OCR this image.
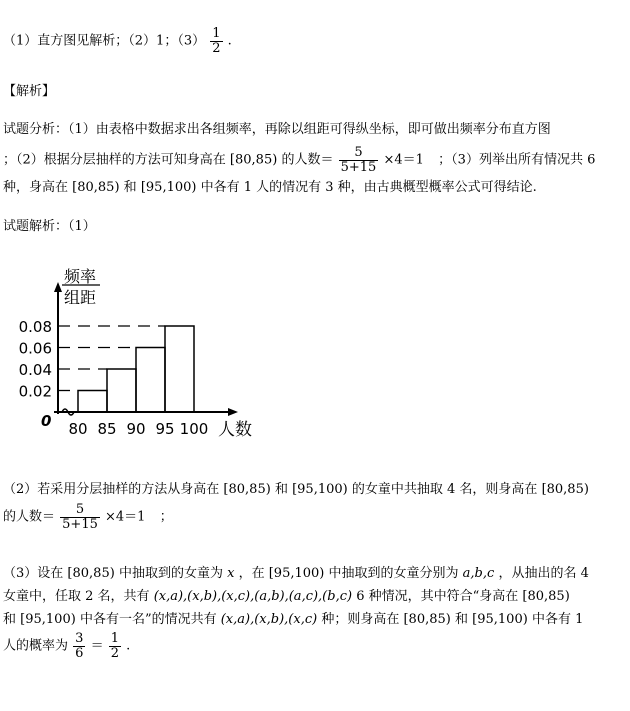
（1）直方图见解析；（2）1；$(3) \frac{1}{2}$ .
【解析】
试题分析：（1）由表格中数据求出各组频率，再除以组距可得纵坐标，即可做出频率分布直方图
；（2）根据分层抽样的方法可知身高在 [80,85) 的人数＝ $\frac{5}{5+15} \times 4=1$ ；（3）列举出所有情况共 6
种，身高在 [80,85) 和 [95,100) 中各有 1 人的情况有 3 种，由古典概型概率公式可得结论.
试题解析：（1）
频率
组距
0
0.02
0.04
0.06
0.08
80 85 90 95 100 人数
（2）若采用分层抽样的方法从身高在 [80,85) 和 [95,100) 的女童中共抽取 4 名，则身高在 [80,85)
的人数＝ $\frac{5}{5+15} \times 4=1$ ；
（3）设在 [80,85) 中抽取到的女童为 x ，在 [95,100) 中抽取到的女童分别为 a,b,c ，从抽出的名 4
女童中，任取 2 名，共有 (x,a),(x,b),(x,c),(a,b),(a,c),(b,c) 6 种情况，其中符合“身高在 [80,85)
和 [95,100) 中各有一名”的情况共有 (x,a),(x,b),(x,c) 种；则身高在 [80,85) 和 [95,100) 中各有 1
人的概率为 $\frac{3}{6} = \frac{1}{2}$ .
